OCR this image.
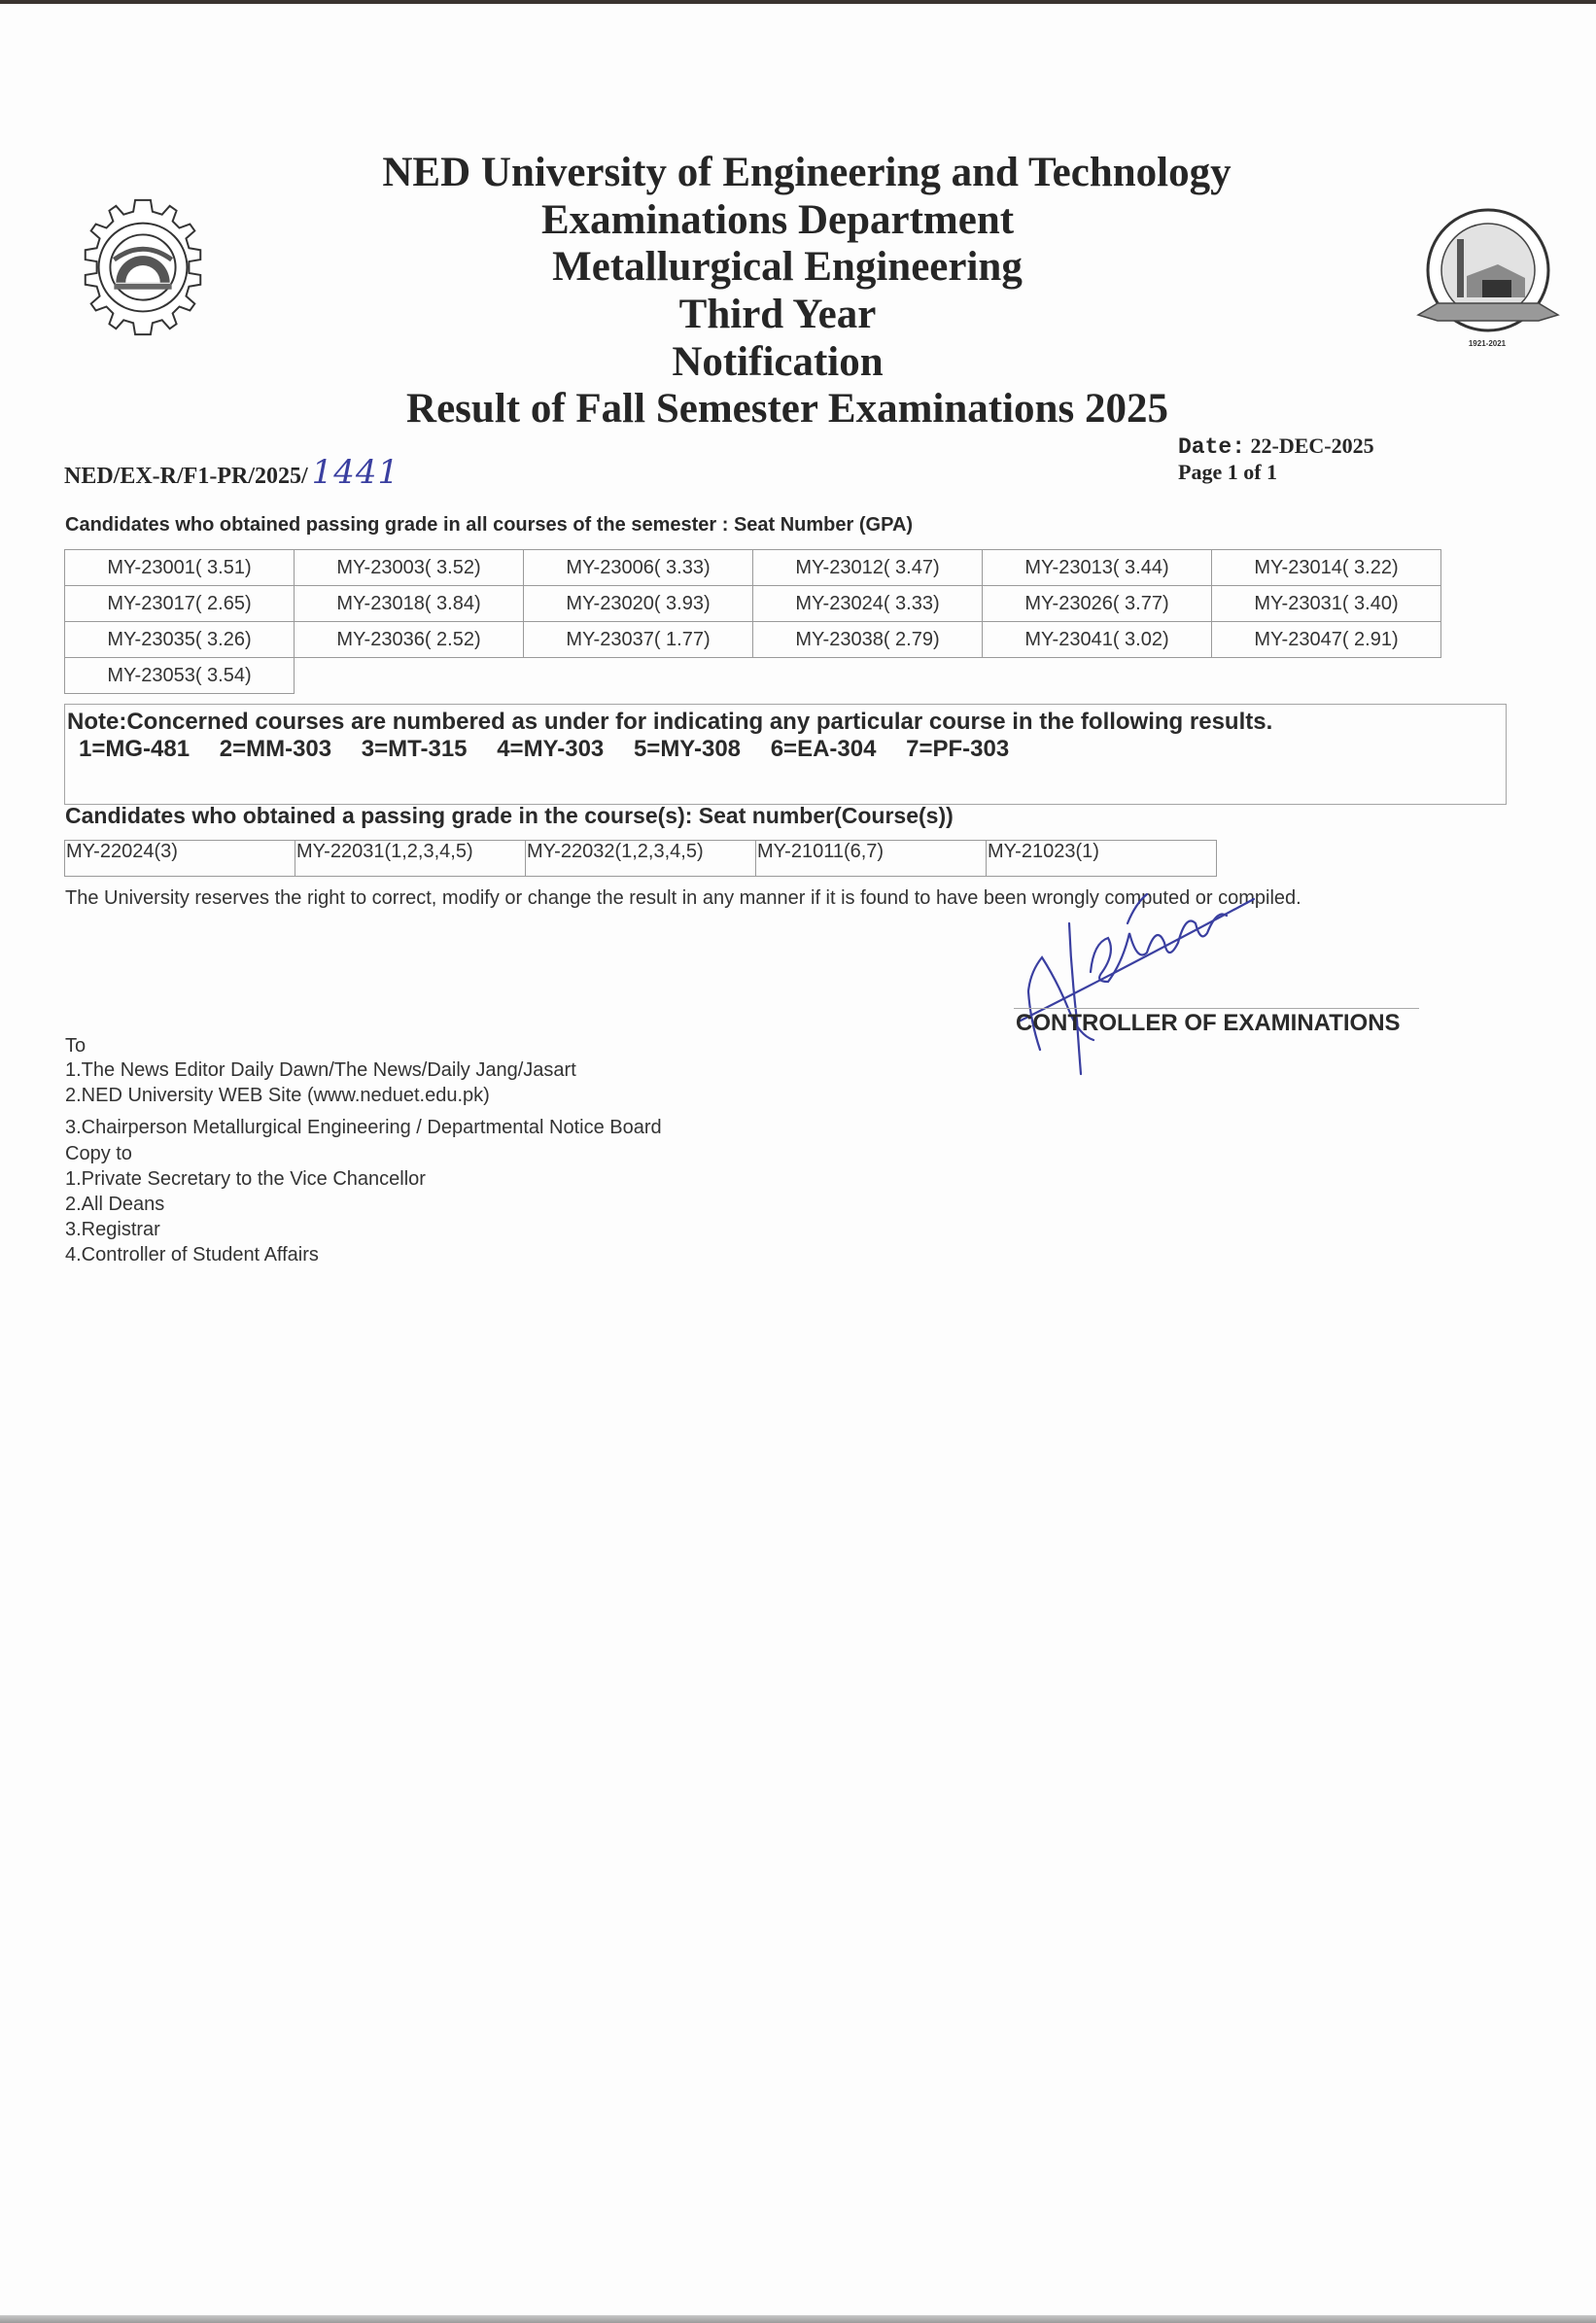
1921-2021
NED University of Engineering and Technology
Examinations Department
Metallurgical Engineering
Third Year
Notification
Result of Fall Semester Examinations 2025
NED/EX-R/F1-PR/2025/ 1441
Date: 22-DEC-2025
Page 1 of 1
Candidates who obtained passing grade in all courses of the semester : Seat Number (GPA)
MY-23001( 3.51)	MY-23003( 3.52)	MY-23006( 3.33)	MY-23012( 3.47)	MY-23013( 3.44)	MY-23014( 3.22)
MY-23017( 2.65)	MY-23018( 3.84)	MY-23020( 3.93)	MY-23024( 3.33)	MY-23026( 3.77)	MY-23031( 3.40)
MY-23035( 3.26)	MY-23036( 2.52)	MY-23037( 1.77)	MY-23038( 2.79)	MY-23041( 3.02)	MY-23047( 2.91)
MY-23053( 3.54)					
Note:Concerned courses are numbered as under for indicating any particular course in the following results.
1=MG-481 2=MM-303 3=MT-315 4=MY-303 5=MY-308 6=EA-304 7=PF-303
Candidates who obtained a passing grade in the course(s): Seat number(Course(s))
MY-22024(3)	MY-22031(1,2,3,4,5)	MY-22032(1,2,3,4,5)	MY-21011(6,7)	MY-21023(1)
The University reserves the right to correct, modify or change the result in any manner if it is found to have been wrongly computed or compiled.
CONTROLLER OF EXAMINATIONS
To
1.The News Editor Daily Dawn/The News/Daily Jang/Jasart
2.NED University WEB Site (www.neduet.edu.pk)
3.Chairperson Metallurgical Engineering / Departmental Notice Board
Copy to
1.Private Secretary to the Vice Chancellor
2.All Deans
3.Registrar
4.Controller of Student Affairs
